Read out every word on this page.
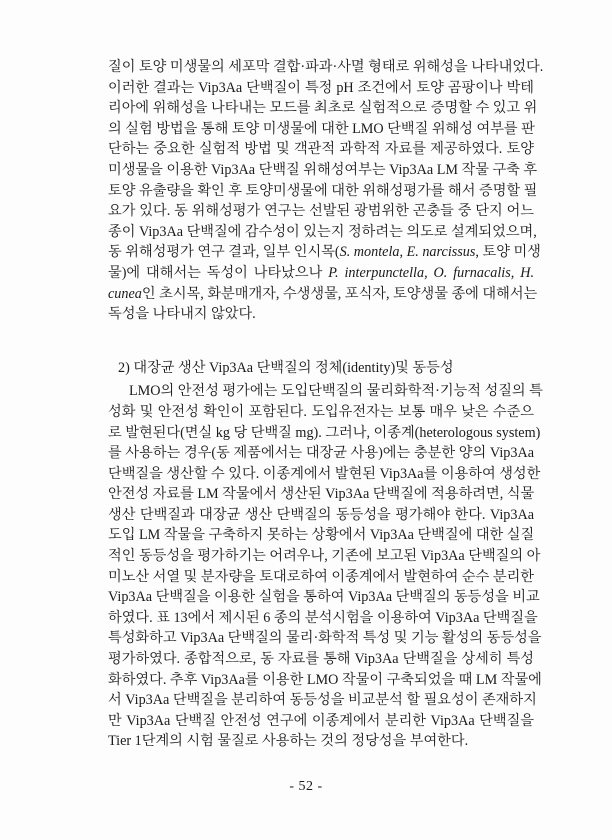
질이 토양 미생물의 세포막 결합·파과·사멸 형태로 위해성을 나타내었다.
이러한 결과는 Vip3Aa 단백질이 특정 pH 조건에서 토양 곰팡이나 박테
리아에 위해성을 나타내는 모드를 최초로 실험적으로 증명할 수 있고 위
의 실험 방법을 통해 토양 미생물에 대한 LMO 단백질 위해성 여부를 판
단하는 중요한 실험적 방법 및 객관적 과학적 자료를 제공하였다. 토양
미생물을 이용한 Vip3Aa 단백질 위해성여부는 Vip3Aa LM 작물 구축 후
토양 유출량을 확인 후 토양미생물에 대한 위해성평가를 해서 증명할 필
요가 있다. 동 위해성평가 연구는 선발된 광범위한 곤충들 중 단지 어느
종이 Vip3Aa 단백질에 감수성이 있는지 정하려는 의도로 설계되었으며,
동 위해성평가 연구 결과, 일부 인시목(S. montela, E. narcissus, 토양 미생
물)에 대해서는 독성이 나타났으나 P. interpunctella, O. furnacalis, H.
cunea인 초시목, 화분매개자, 수생생물, 포식자, 토양생물 종에 대해서는
독성을 나타내지 않았다.
2) 대장균 생산 Vip3Aa 단백질의 정체(identity)및 동등성
LMO의 안전성 평가에는 도입단백질의 물리화학적·기능적 성질의 특
성화 및 안전성 확인이 포함된다. 도입유전자는 보통 매우 낮은 수준으
로 발현된다(면실 kg 당 단백질 mg). 그러나, 이종계(heterologous system)
를 사용하는 경우(동 제품에서는 대장균 사용)에는 충분한 양의 Vip3Aa
단백질을 생산할 수 있다. 이종계에서 발현된 Vip3Aa를 이용하여 생성한
안전성 자료를 LM 작물에서 생산된 Vip3Aa 단백질에 적용하려면, 식물
생산 단백질과 대장균 생산 단백질의 동등성을 평가해야 한다. Vip3Aa
도입 LM 작물을 구축하지 못하는 상황에서 Vip3Aa 단백질에 대한 실질
적인 동등성을 평가하기는 어려우나, 기존에 보고된 Vip3Aa 단백질의 아
미노산 서열 및 분자량을 토대로하여 이종계에서 발현하여 순수 분리한
Vip3Aa 단백질을 이용한 실험을 통하여 Vip3Aa 단백질의 동등성을 비교
하였다. 표 13에서 제시된 6 종의 분석시험을 이용하여 Vip3Aa 단백질을
특성화하고 Vip3Aa 단백질의 물리·화학적 특성 및 기능 활성의 동등성을
평가하였다. 종합적으로, 동 자료를 통해 Vip3Aa 단백질을 상세히 특성
화하였다. 추후 Vip3Aa를 이용한 LMO 작물이 구축되었을 때 LM 작물에
서 Vip3Aa 단백질을 분리하여 동등성을 비교분석 할 필요성이 존재하지
만 Vip3Aa 단백질 안전성 연구에 이종계에서 분리한 Vip3Aa 단백질을
Tier 1단계의 시험 물질로 사용하는 것의 정당성을 부여한다.
- 52 -
